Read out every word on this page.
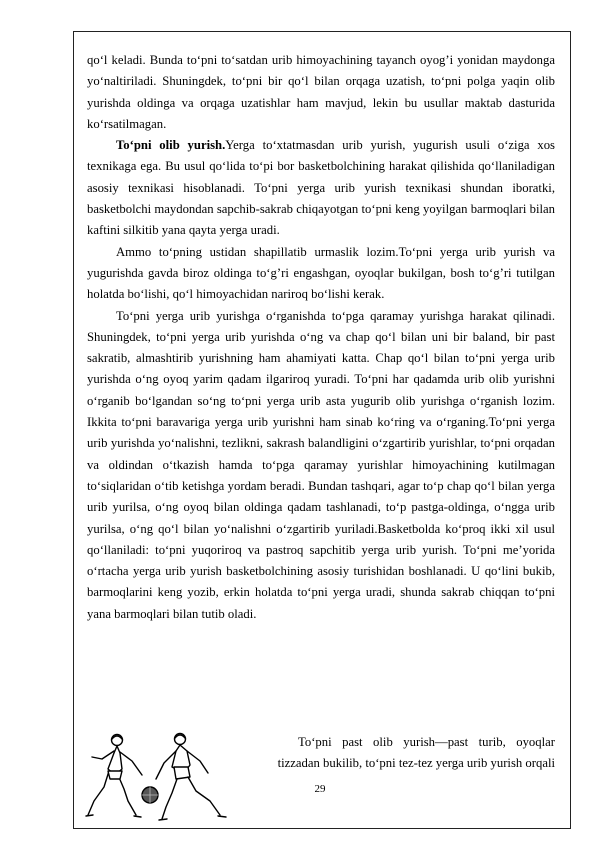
qo‘l keladi. Bunda to‘pni to‘satdan urib himoyachining tayanch oyog’i yonidan maydonga yo‘naltiriladi. Shuningdek, to‘pni bir qo‘l bilan orqaga uzatish, to‘pni polga yaqin olib yurishda oldinga va orqaga uzatishlar ham mavjud, lekin bu usullar maktab dasturida ko‘rsatilmagan.

To‘pni olib yurish.Yerga to‘xtatmasdan urib yurish, yugurish usuli o‘ziga xos texnikaga ega. Bu usul qo‘lida to‘pi bor basketbolchining harakat qilishida qo‘llaniladigan asosiy texnikasi hisoblanadi. To‘pni yerga urib yurish texnikasi shundan iboratki, basketbolchi maydondan sapchib-sakrab chiqayotgan to‘pni keng yoyilgan barmoqlari bilan kaftini silkitib yana qayta yerga uradi.

Ammo to‘pning ustidan shapillatib urmaslik lozim.To‘pni yerga urib yurish va yugurishda gavda biroz oldinga to‘g’ri engashgan, oyoqlar bukilgan, bosh to‘g’ri tutilgan holatda bo‘lishi, qo‘l himoyachidan nariroq bo‘lishi kerak.

To‘pni yerga urib yurishga o‘rganishda to‘pga qaramay yurishga harakat qilinadi. Shuningdek, to‘pni yerga urib yurishda o‘ng va chap qo‘l bilan uni bir baland, bir past sakratib, almashtirib yurishning ham ahamiyati katta. Chap qo‘l bilan to‘pni yerga urib yurishda o‘ng oyoq yarim qadam ilgariroq yuradi. To‘pni har qadamda urib olib yurishni o‘rganib bo‘lgandan so‘ng to‘pni yerga urib asta yugurib olib yurishga o‘rganish lozim. Ikkita to‘pni baravariga yerga urib yurishni ham sinab ko‘ring va o‘rganing.To‘pni yerga urib yurishda yo‘nalishni, tezlikni, sakrash balandligini o‘zgartirib yurishlar, to‘pni orqadan va oldindan o‘tkazish hamda to‘pga qaramay yurishlar himoyachining kutilmagan to‘siqlaridan o‘tib ketishga yordam beradi. Bundan tashqari, agar to‘p chap qo‘l bilan yerga urib yurilsa, o‘ng oyoq bilan oldinga qadam tashlanadi, to‘p pastga-oldinga, o‘ngga urib yurilsa, o‘ng qo‘l bilan yo‘nalishni o‘zgartirib yuriladi.Basketbolda ko‘proq ikki xil usul qo‘llaniladi: to‘pni yuqoriroq va pastroq sapchitib yerga urib yurish. To‘pni me’yorida o‘rtacha yerga urib yurish basketbolchining asosiy turishidan boshlanadi. U qo‘lini bukib, barmoqlarini keng yozib, erkin holatda to‘pni yerga uradi, shunda sakrab chiqqan to‘pni yana barmoqlari bilan tutib oladi.

To‘pni past olib yurish—past turib, oyoqlar
tizzadan bukilib, to‘pni tez-tez yerga urib yurish orqali
29
